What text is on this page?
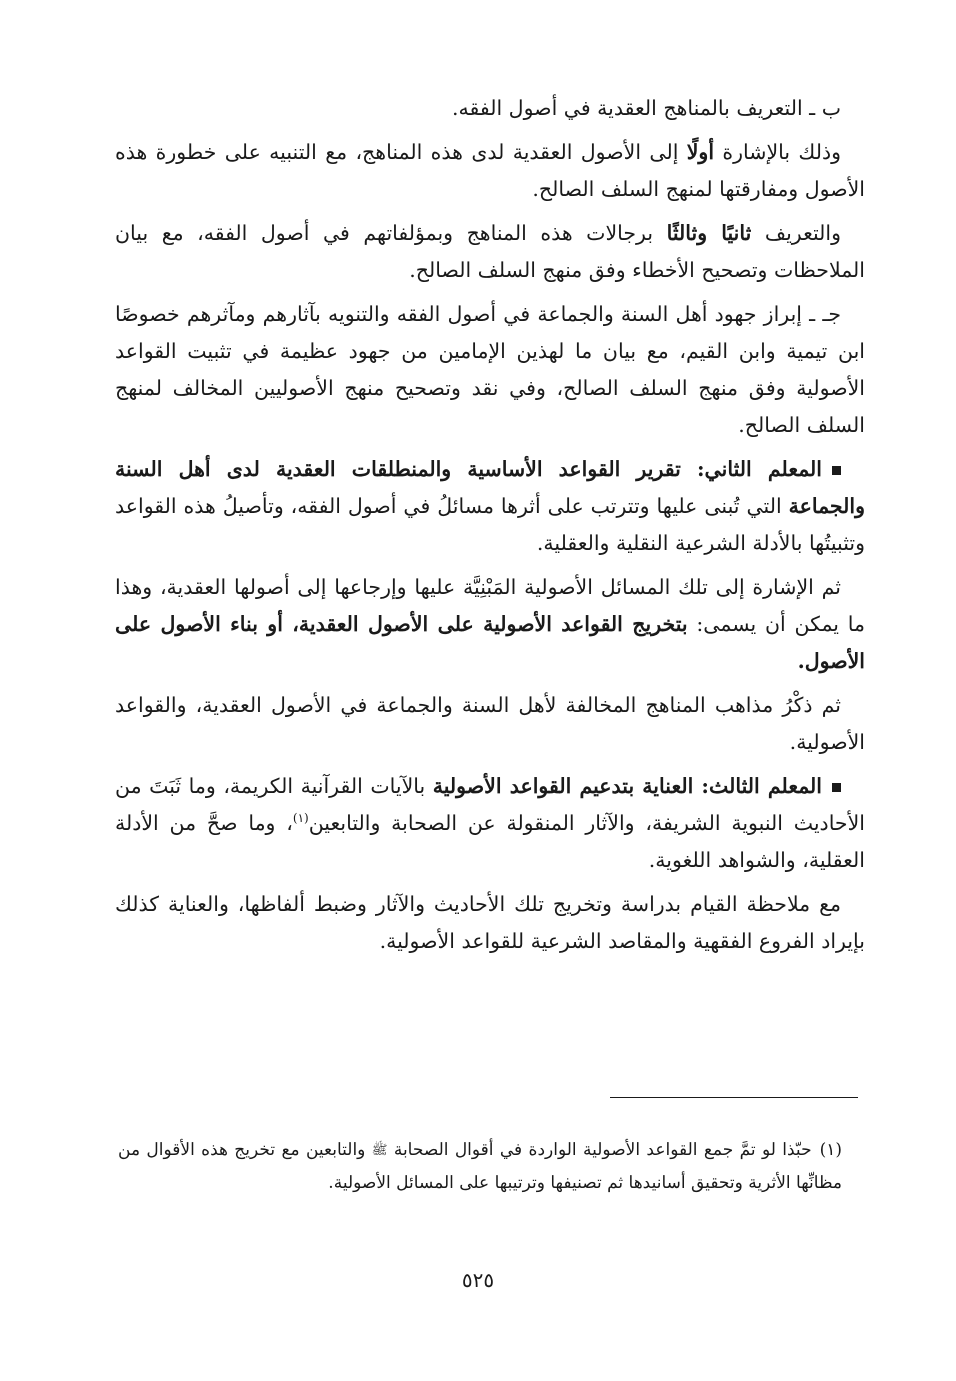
ب ـ التعريف بالمناهج العقدية في أصول الفقه.

وذلك بالإشارة أولًا إلى الأصول العقدية لدى هذه المناهج، مع التنبيه على خطورة هذه الأصول ومفارقتها لمنهج السلف الصالح.

والتعريف ثانيًا وثالثًا برجالات هذه المناهج وبمؤلفاتهم في أصول الفقه، مع بيان الملاحظات وتصحيح الأخطاء وفق منهج السلف الصالح.

جـ ـ إبراز جهود أهل السنة والجماعة في أصول الفقه والتنويه بآثارهم ومآثرهم خصوصًا ابن تيمية وابن القيم، مع بيان ما لهذين الإمامين من جهود عظيمة في تثبيت القواعد الأصولية وفق منهج السلف الصالح، وفي نقد وتصحيح منهج الأصوليين المخالف لمنهج السلف الصالح.

المعلم الثاني: تقرير القواعد الأساسية والمنطلقات العقدية لدى أهل السنة والجماعة التي تُبنى عليها وتترتب على أثرها مسائلُ في أصول الفقه، وتأصيلُ هذه القواعد وتثبيتُها بالأدلة الشرعية النقلية والعقلية.

ثم الإشارة إلى تلك المسائل الأصولية المَبْنِيَّة عليها وإرجاعها إلى أصولها العقدية، وهذا ما يمكن أن يسمى: بتخريج القواعد الأصولية على الأصول العقدية، أو بناء الأصول على الأصول.

ثم ذكْرُ مذاهب المناهج المخالفة لأهل السنة والجماعة في الأصول العقدية، والقواعد الأصولية.

المعلم الثالث: العناية بتدعيم القواعد الأصولية بالآيات القرآنية الكريمة، وما ثَبَتَ من الأحاديث النبوية الشريفة، والآثار المنقولة عن الصحابة والتابعين$^{(١)}$، وما صحَّ من الأدلة العقلية، والشواهد اللغوية.

مع ملاحظة القيام بدراسة وتخريج تلك الأحاديث والآثار وضبط ألفاظها، والعناية كذلك بإيراد الفروع الفقهية والمقاصد الشرعية للقواعد الأصولية.

(١)حبّذا لو تمَّ جمع القواعد الأصولية الواردة في أقوال الصحابة ﷺ والتابعين مع تخريج هذه الأقوال من مظانِّها الأثرية وتحقيق أسانيدها ثم تصنيفها وترتيبها على المسائل الأصولية.

٥٢٥
